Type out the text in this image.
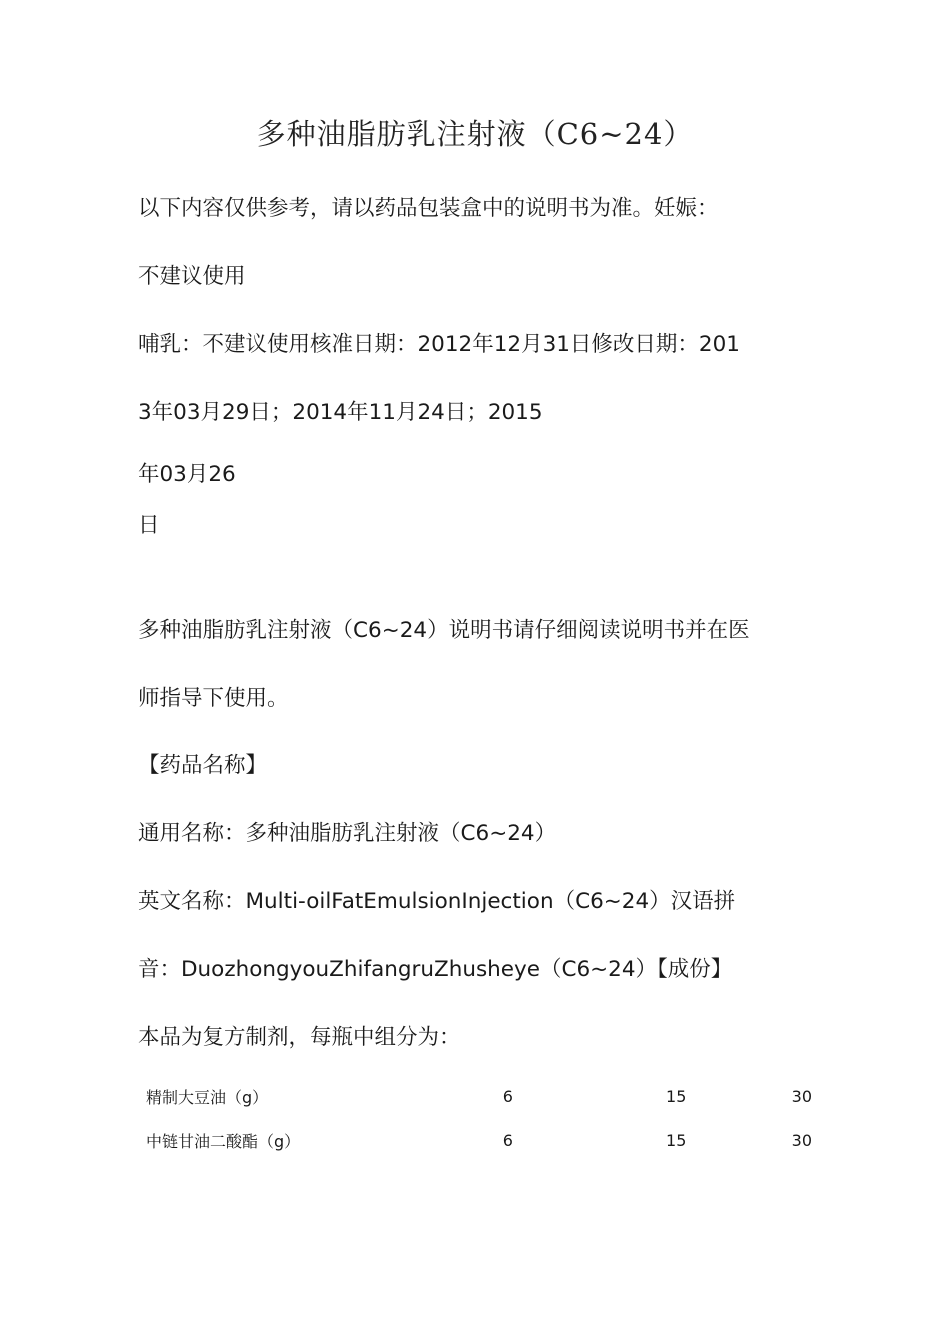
多种油脂肪乳注射液（C6~24）
以下内容仅供参考，请以药品包装盒中的说明书为准。妊娠：
不建议使用
哺乳：不建议使用核准日期：2012年12月31日修改日期：201
3年03月29日；2014年11月24日；2015
年03月26
日
多种油脂肪乳注射液（C6~24）说明书请仔细阅读说明书并在医
师指导下使用。
【药品名称】
通用名称：多种油脂肪乳注射液（C6~24）
英文名称：Multi-oilFatEmulsionInjection（C6~24）汉语拼
音：DuozhongyouZhifangruZhusheye（C6~24）【成份】
本品为复方制剂，每瓶中组分为：
精制大豆油（g）	6	15	30
中链甘油二酸酯（g）	6	15	30
